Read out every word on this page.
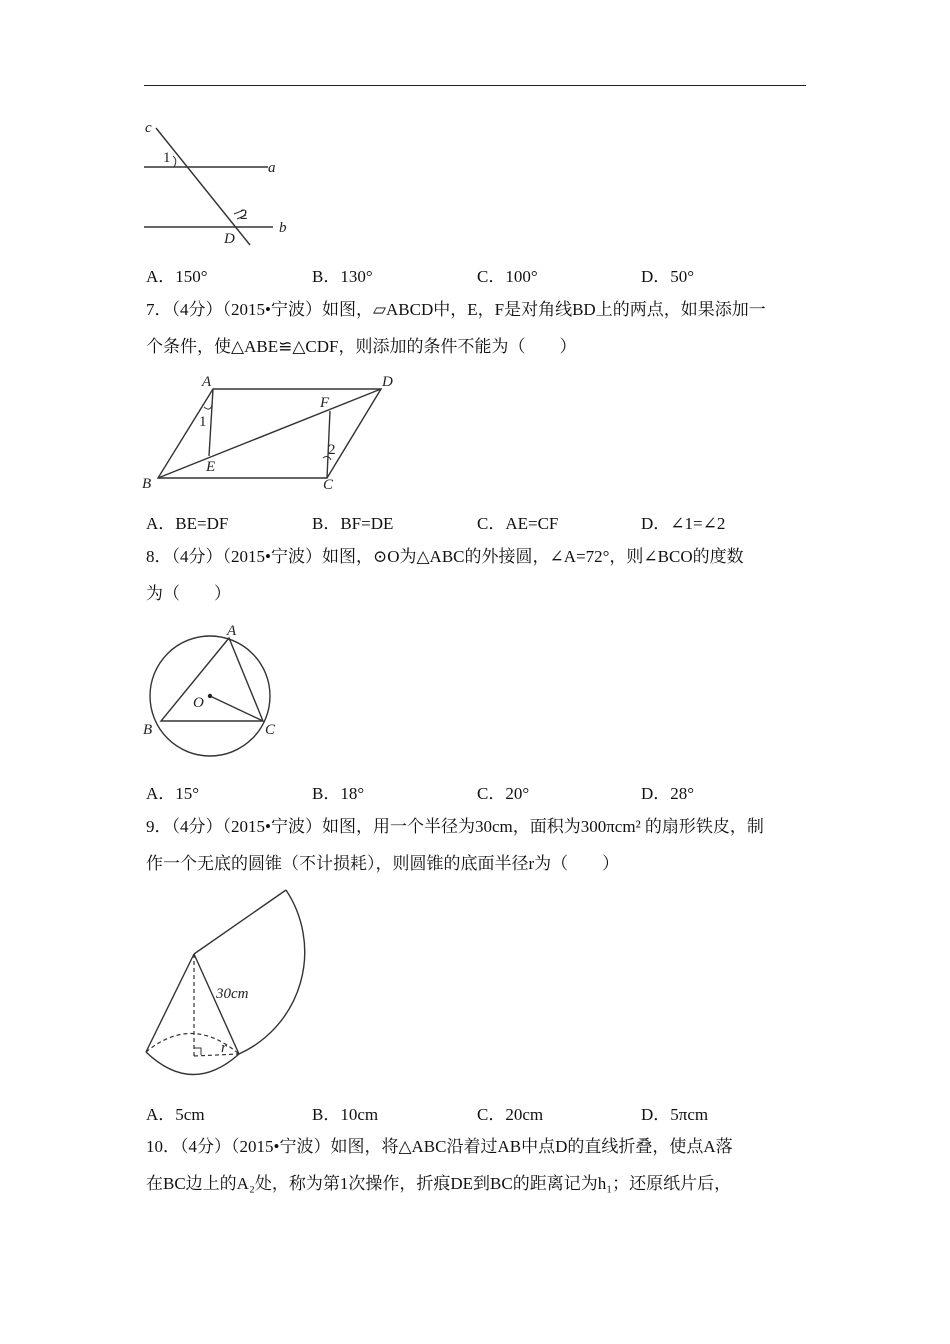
c
a
b
1
2
D
A．150°	B．130°	C．100°	D．50°
7．（4分）（2015•宁波）如图，▱ABCD中，E，F是对角线BD上的两点，如果添加一
个条件，使△ABE≌△CDF，则添加的条件不能为（　　）
A	D
F
B
E
C
1
2
A．BE=DF	B．BF=DE	C．AE=CF	D．∠1=∠2
8．（4分）（2015•宁波）如图，⊙O为△ABC的外接圆，∠A=72°，则∠BCO的度数
为（　　）
A
O
B	C
A．15°	B．18°	C．20°	D．28°
9．（4分）（2015•宁波）如图，用一个半径为30cm，面积为300πcm² 的扇形铁皮，制
作一个无底的圆锥（不计损耗），则圆锥的底面半径r为（　　）
30cm
r
A．5cm	B．10cm	C．20cm	D．5πcm
10．（4分）（2015•宁波）如图，将△ABC沿着过AB中点D的直线折叠，使点A落
在BC边上的A₂处，称为第1次操作，折痕DE到BC的距离记为h₁；还原纸片后，
